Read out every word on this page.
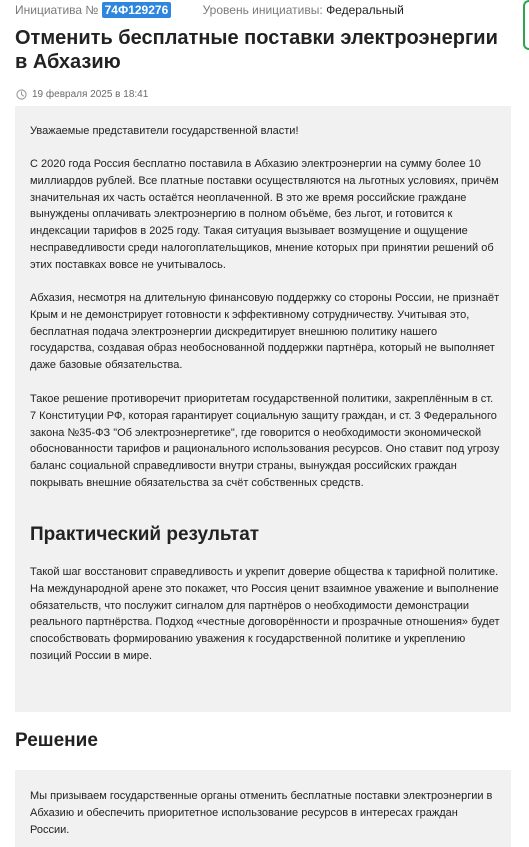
Инициатива № 74Ф129276	Уровень инициативы: Федеральный
Отменить бесплатные поставки электроэнергии в Абхазию
19 февраля 2025 в 18:41

Уважаемые представители государственной власти!

С 2020 года Россия бесплатно поставила в Абхазию электроэнергии на сумму более 10 миллиардов рублей. Все платные поставки осуществляются на льготных условиях, причём значительная их часть остаётся неоплаченной. В это же время российские граждане вынуждены оплачивать электроэнергию в полном объёме, без льгот, и готовится к индексации тарифов в 2025 году. Такая ситуация вызывает возмущение и ощущение несправедливости среди налогоплательщиков, мнение которых при принятии решений об этих поставках вовсе не учитывалось.

Абхазия, несмотря на длительную финансовую поддержку со стороны России, не признаёт Крым и не демонстрирует готовности к эффективному сотрудничеству. Учитывая это, бесплатная подача электроэнергии дискредитирует внешнюю политику нашего государства, создавая образ необоснованной поддержки партнёра, который не выполняет даже базовые обязательства.

Такое решение противоречит приоритетам государственной политики, закреплённым в ст. 7 Конституции РФ, которая гарантирует социальную защиту граждан, и ст. 3 Федерального закона №35-ФЗ "Об электроэнергетике", где говорится о необходимости экономической обоснованности тарифов и рационального использования ресурсов. Оно ставит под угрозу баланс социальной справедливости внутри страны, вынуждая российских граждан покрывать внешние обязательства за счёт собственных средств.

Практический результат

Такой шаг восстановит справедливость и укрепит доверие общества к тарифной политике. На международной арене это покажет, что Россия ценит взаимное уважение и выполнение обязательств, что послужит сигналом для партнёров о необходимости демонстрации реального партнёрства. Подход «честные договорённости и прозрачные отношения» будет способствовать формированию уважения к государственной политике и укреплению позиций России в мире.

Решение

Мы призываем государственные органы отменить бесплатные поставки электроэнергии в Абхазию и обеспечить приоритетное использование ресурсов в интересах граждан России.
